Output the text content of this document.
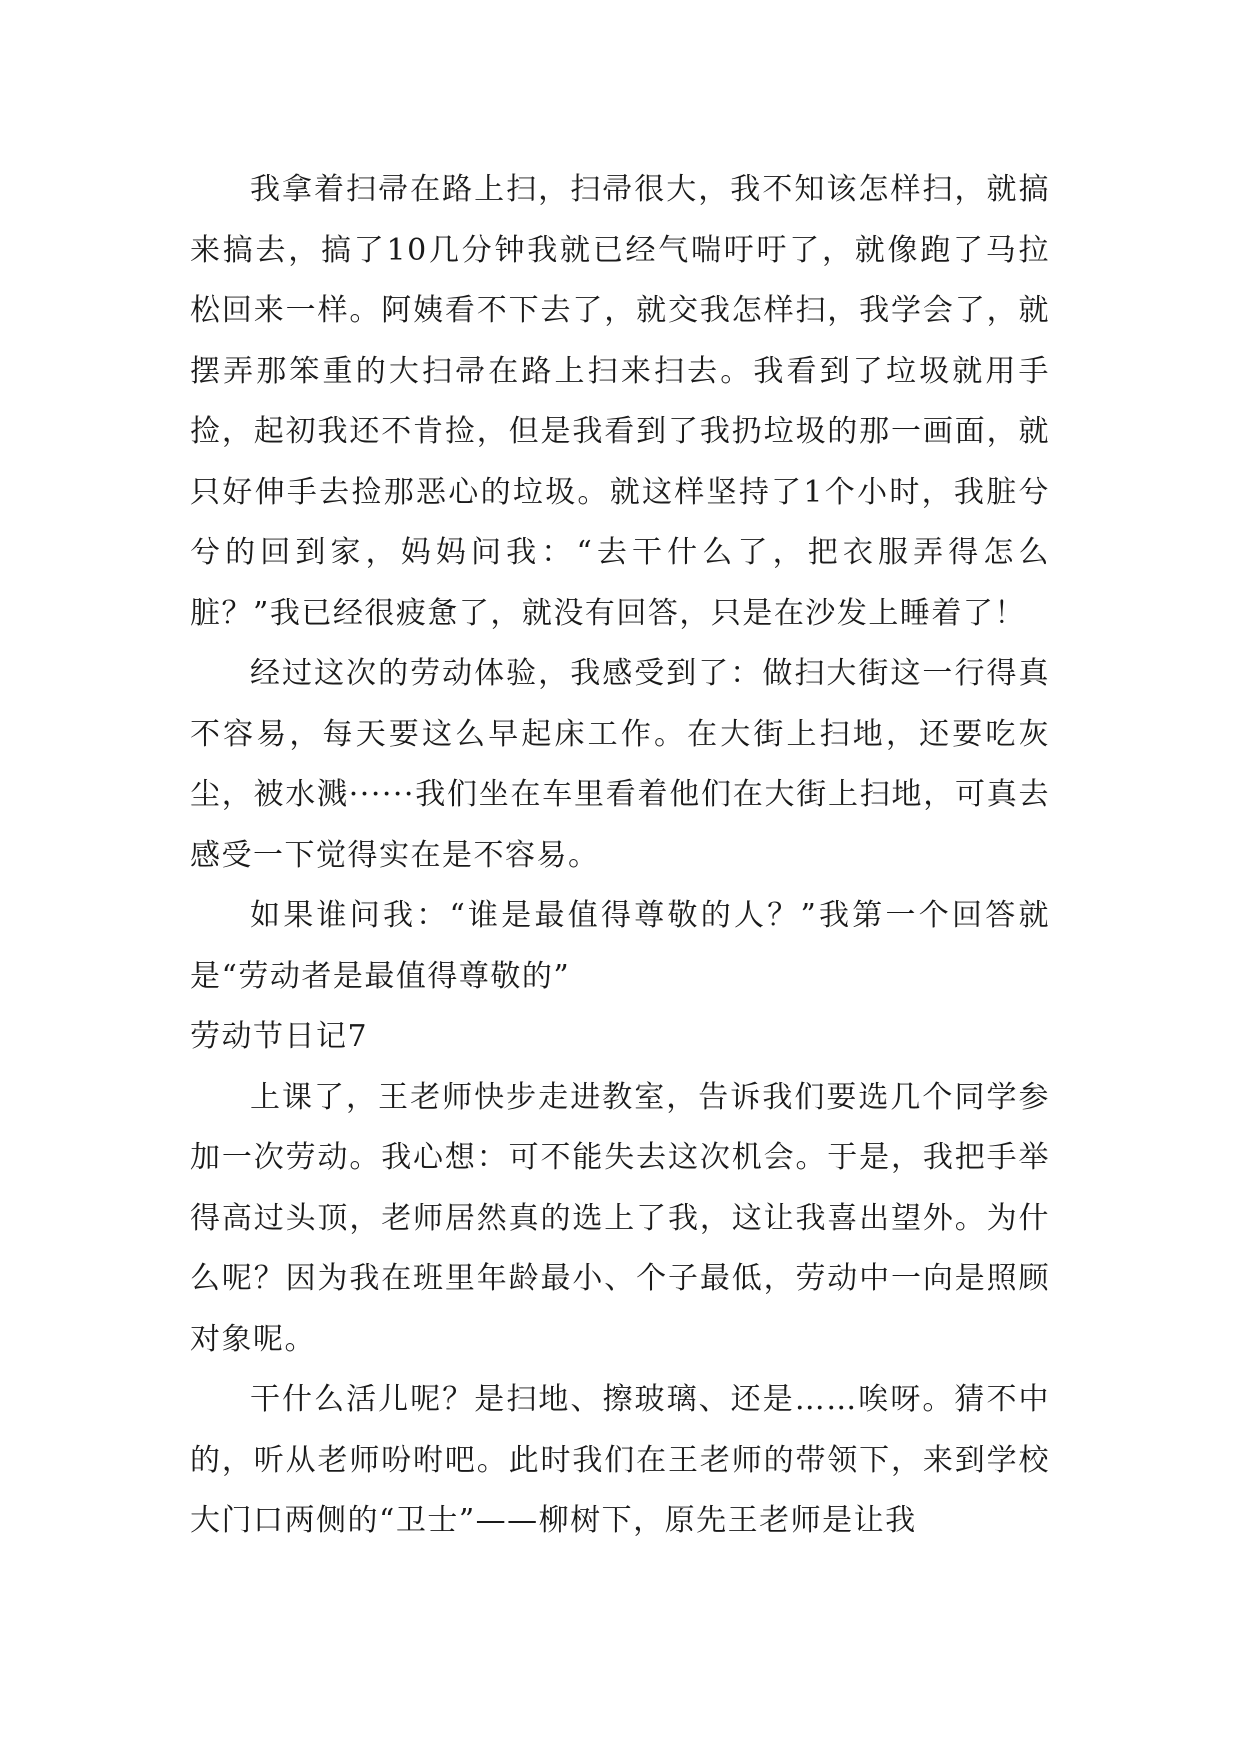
我拿着扫帚在路上扫，扫帚很大，我不知该怎样扫，就搞来搞去，搞了10几分钟我就已经气喘吁吁了，就像跑了马拉松回来一样。阿姨看不下去了，就交我怎样扫，我学会了，就摆弄那笨重的大扫帚在路上扫来扫去。我看到了垃圾就用手捡，起初我还不肯捡，但是我看到了我扔垃圾的那一画面，就只好伸手去捡那恶心的垃圾。就这样坚持了1个小时，我脏兮兮的回到家，妈妈问我：“去干什么了，把衣服弄得怎么脏？”我已经很疲惫了，就没有回答，只是在沙发上睡着了！

经过这次的劳动体验，我感受到了：做扫大街这一行得真不容易，每天要这么早起床工作。在大街上扫地，还要吃灰尘，被水溅······我们坐在车里看着他们在大街上扫地，可真去感受一下觉得实在是不容易。

如果谁问我：“谁是最值得尊敬的人？”我第一个回答就是“劳动者是最值得尊敬的”

劳动节日记7

上课了，王老师快步走进教室，告诉我们要选几个同学参加一次劳动。我心想：可不能失去这次机会。于是，我把手举得高过头顶，老师居然真的选上了我，这让我喜出望外。为什么呢？因为我在班里年龄最小、个子最低，劳动中一向是照顾对象呢。

干什么活儿呢？是扫地、擦玻璃、还是……唉呀。猜不中的，听从老师吩咐吧。此时我们在王老师的带领下，来到学校大门口两侧的“卫士”——柳树下，原先王老师是让我
